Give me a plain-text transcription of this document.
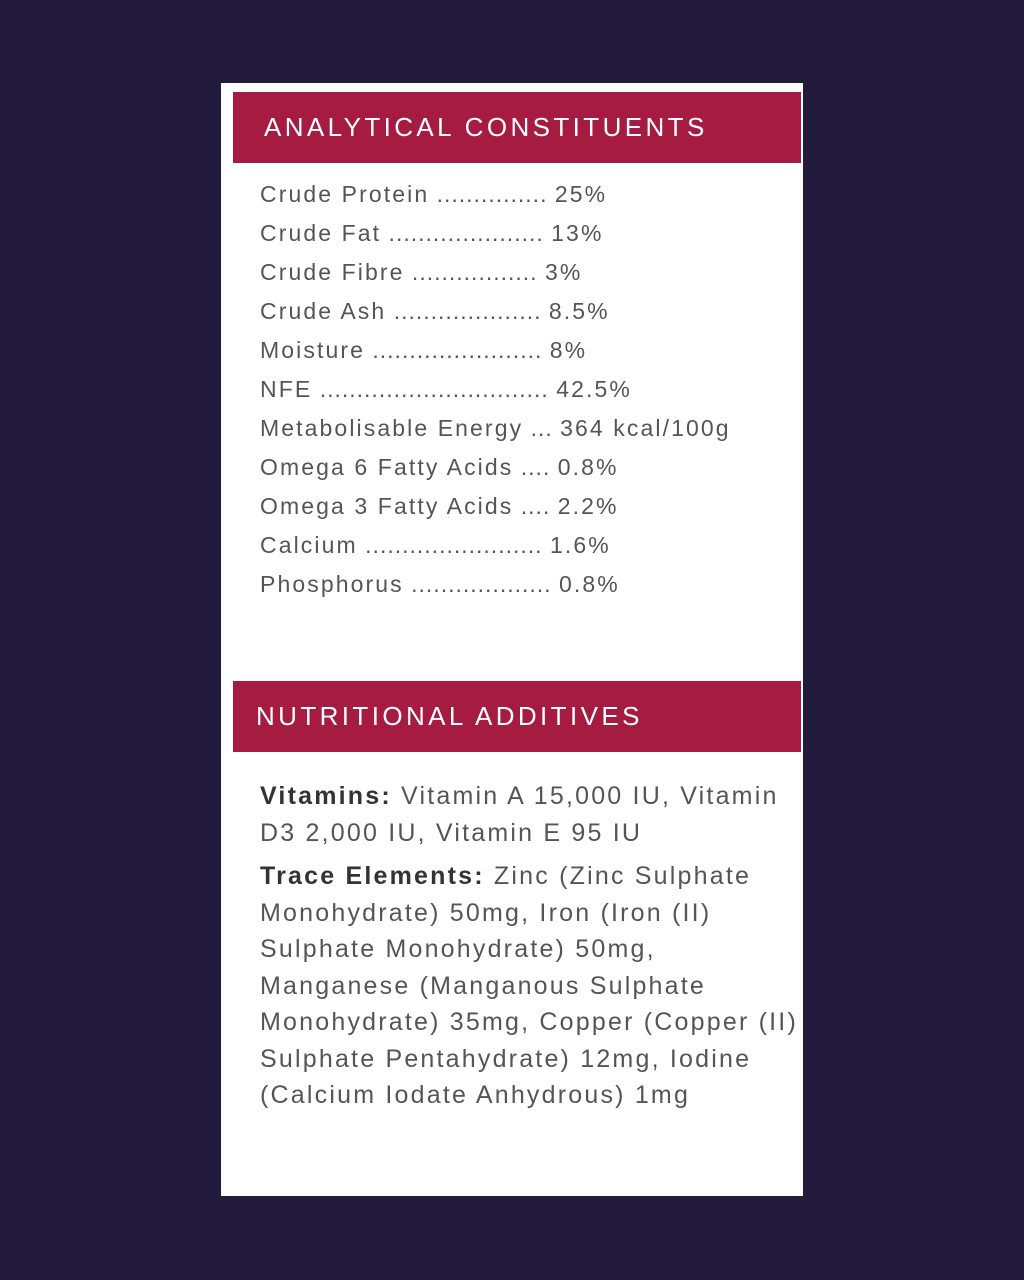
ANALYTICAL CONSTITUENTS
Crude Protein ............... 25%
Crude Fat ..................... 13%
Crude Fibre ................. 3%
Crude Ash .................... 8.5%
Moisture ....................... 8%
NFE ............................... 42.5%
Metabolisable Energy ... 364 kcal/100g
Omega 6 Fatty Acids .... 0.8%
Omega 3 Fatty Acids .... 2.2%
Calcium ........................ 1.6%
Phosphorus ................... 0.8%
NUTRITIONAL ADDITIVES

Vitamins: Vitamin A 15,000 IU, Vitamin D3 2,000 IU, Vitamin E 95 IU

Trace Elements: Zinc (Zinc Sulphate Monohydrate) 50mg, Iron (Iron (II) Sulphate Monohydrate) 50mg, Manganese (Manganous Sulphate Monohydrate) 35mg, Copper (Copper (II) Sulphate Pentahydrate) 12mg, Iodine (Calcium Iodate Anhydrous) 1mg
